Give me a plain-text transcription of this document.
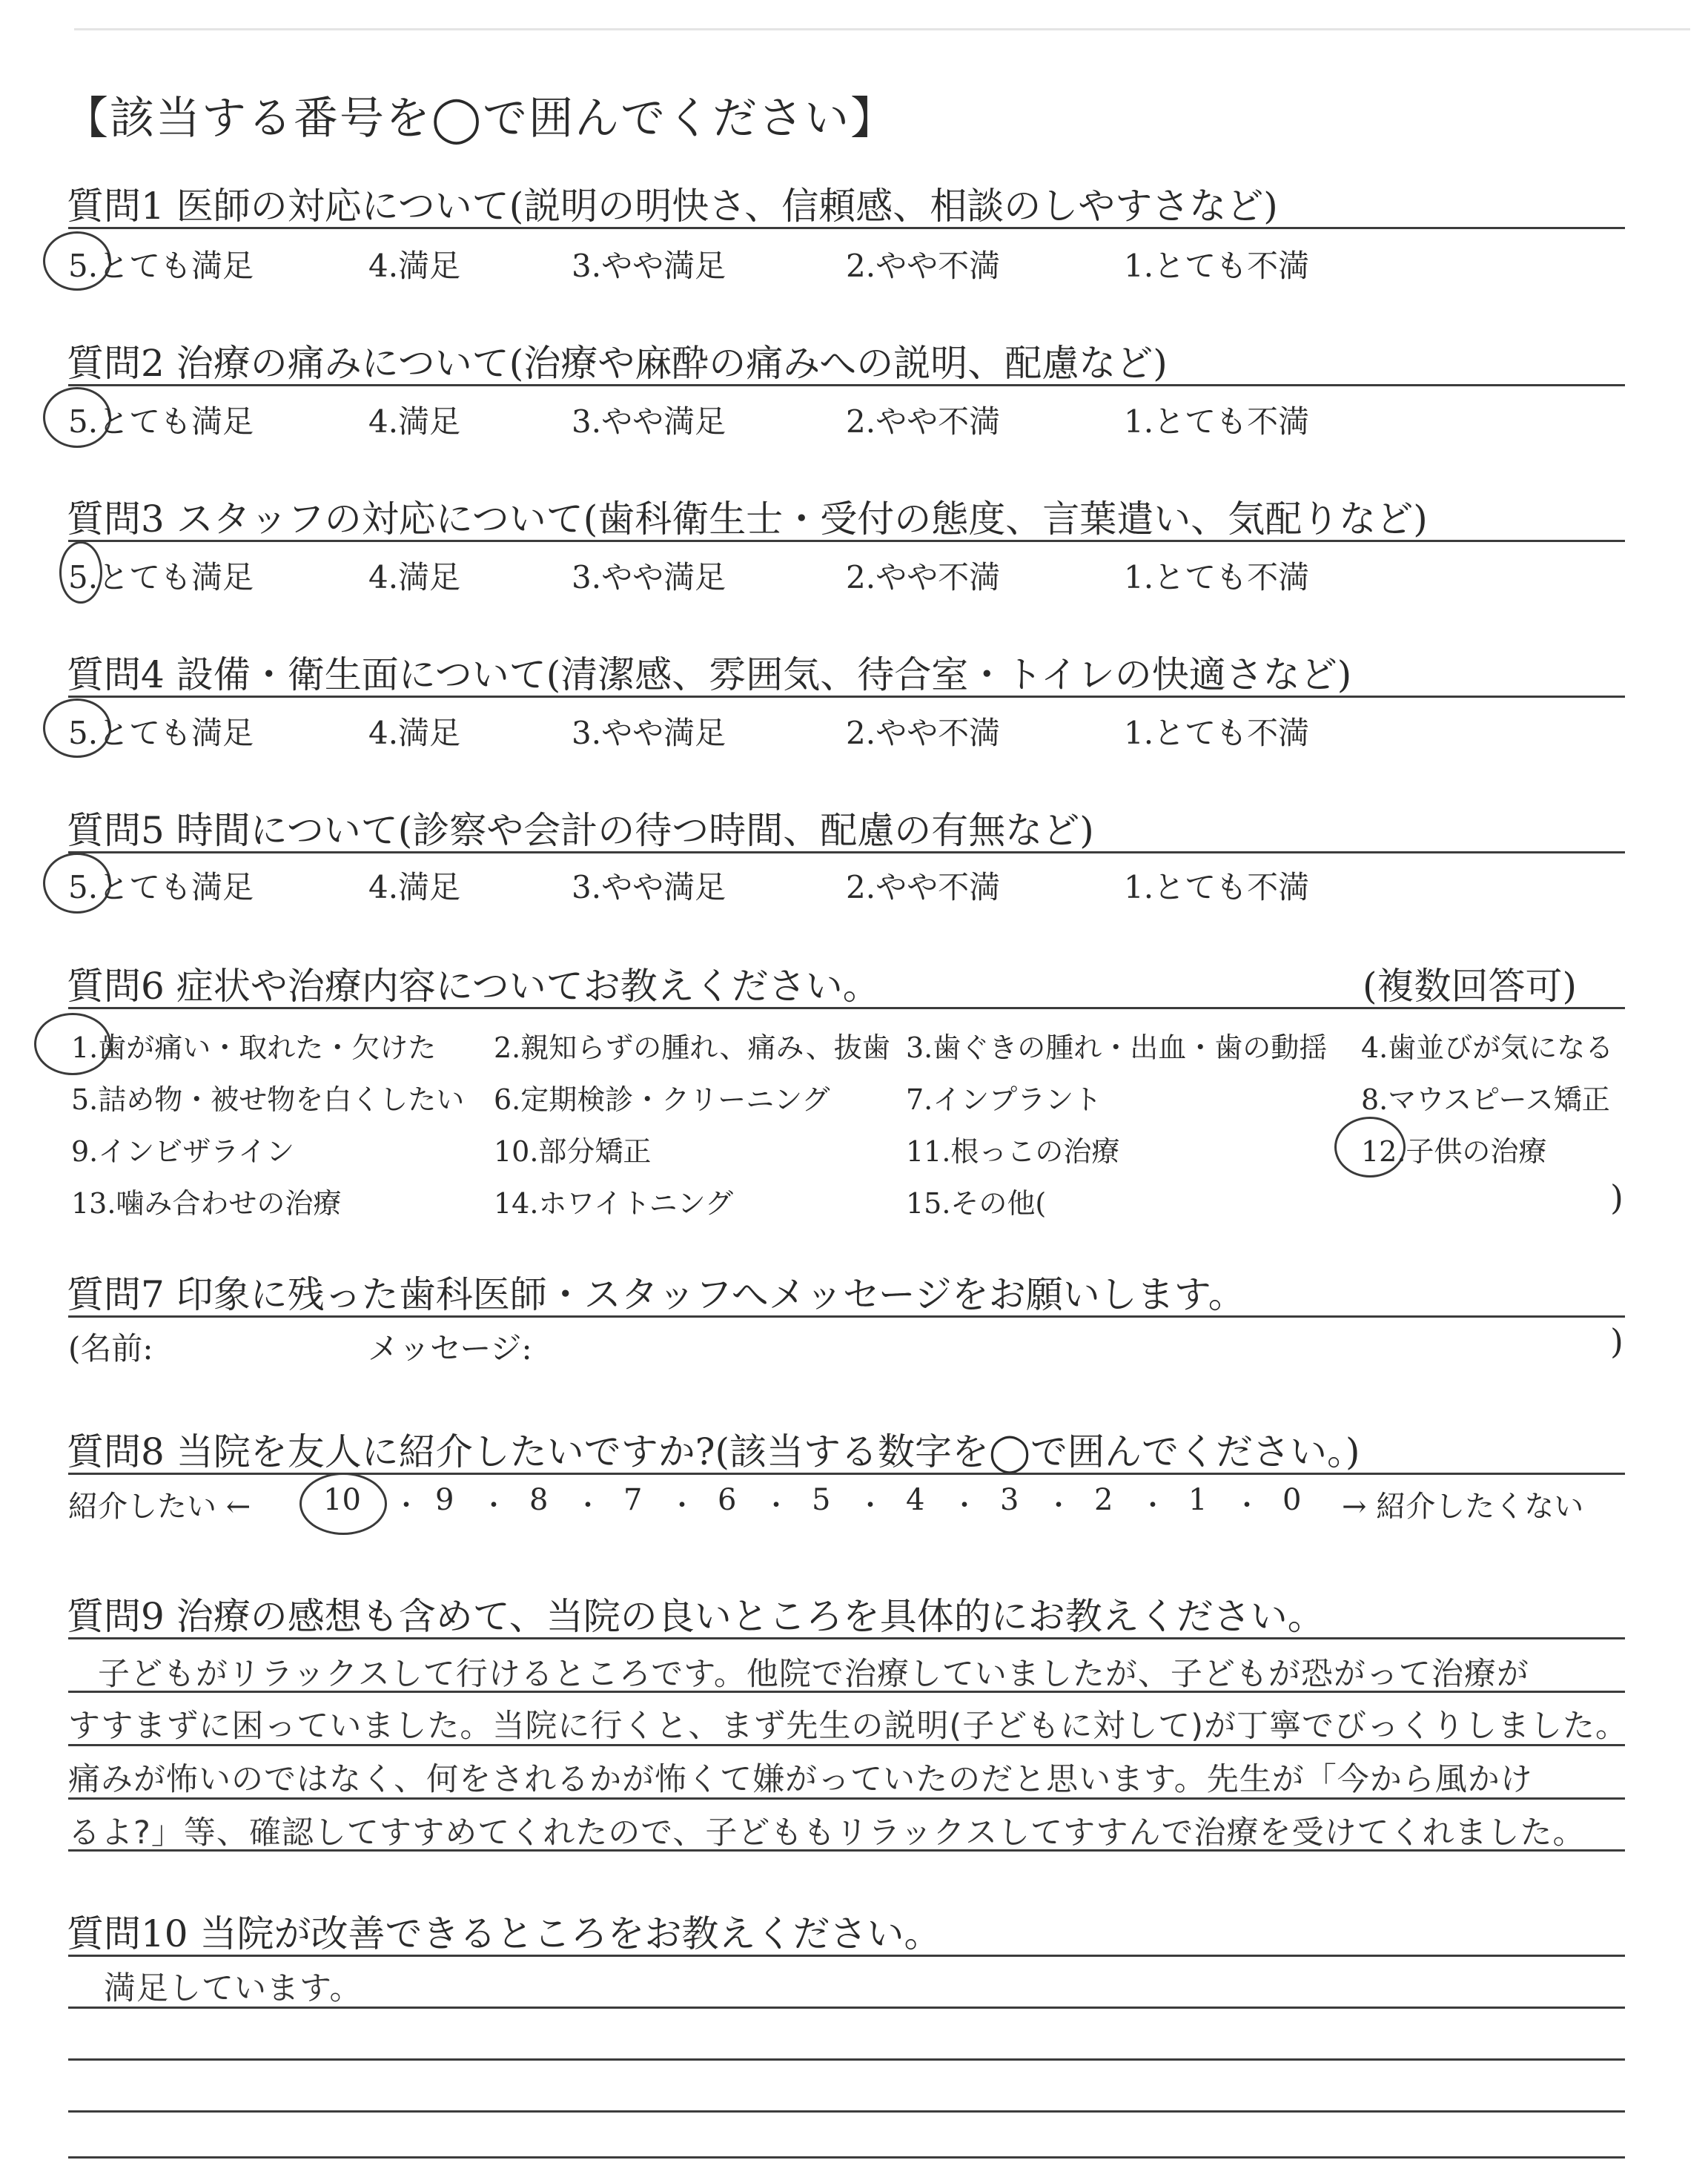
【該当する番号を◯で囲んでください】
質問1 医師の対応について(説明の明快さ、信頼感、相談のしやすさなど)
5.とても満足	4.満足	3.やや満足	2.やや不満	1.とても不満
質問2 治療の痛みについて(治療や麻酔の痛みへの説明、配慮など)
5.とても満足	4.満足	3.やや満足	2.やや不満	1.とても不満
質問3 スタッフの対応について(歯科衛生士・受付の態度、言葉遣い、気配りなど)
5.とても満足	4.満足	3.やや満足	2.やや不満	1.とても不満
質問4 設備・衛生面について(清潔感、雰囲気、待合室・トイレの快適さなど)
5.とても満足	4.満足	3.やや満足	2.やや不満	1.とても不満
質問5 時間について(診察や会計の待つ時間、配慮の有無など)
5.とても満足	4.満足	3.やや満足	2.やや不満	1.とても不満
質問6 症状や治療内容についてお教えください。	(複数回答可)
1.歯が痛い・取れた・欠けた 2.親知らずの腫れ、痛み、抜歯 3.歯ぐきの腫れ・出血・歯の動揺 4.歯並びが気になる
5.詰め物・被せ物を白くしたい 6.定期検診・クリーニング	7.インプラント	8.マウスピース矯正
9.インビザライン	10.部分矯正	11.根っこの治療	12.子供の治療
13.噛み合わせの治療	14.ホワイトニング	15.その他(	)
質問7 印象に残った歯科医師・スタッフへメッセージをお願いします。
(名前:	メッセージ:	)
質問8 当院を友人に紹介したいですか?(該当する数字を◯で囲んでください。)
紹介したい ← 10 ・ 9 ・ 8 ・ 7 ・ 6 ・ 5 ・ 4 ・ 3 ・ 2 ・ 1 ・ 0 → 紹介したくない
質問9 治療の感想も含めて、当院の良いところを具体的にお教えください。
子どもがリラックスして行けるところです。他院で治療していましたが、子どもが恐がって治療が
すすまずに困っていました。当院に行くと、まず先生の説明(子どもに対して)が丁寧でびっくりしました。
痛みが怖いのではなく、何をされるかが怖くて嫌がっていたのだと思います。先生が「今から風かけ
るよ?」等、確認してすすめてくれたので、子どももリラックスしてすすんで治療を受けてくれました。
質問10 当院が改善できるところをお教えください。
満足しています。
